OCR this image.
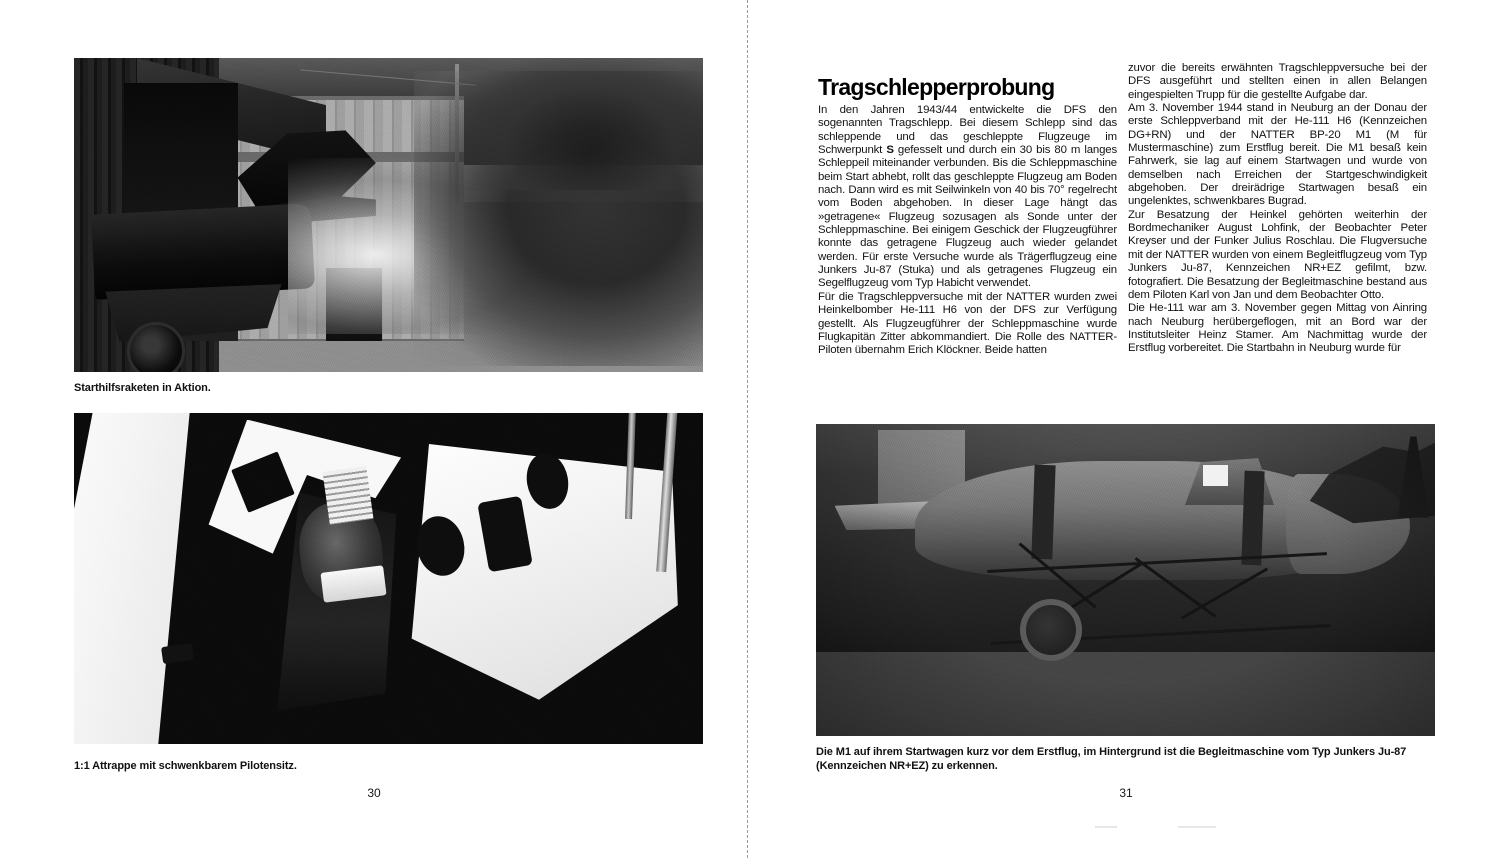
Starthilfsraketen in Aktion.
1:1 Attrappe mit schwenkbarem Pilotensitz.
30
Tragschlepperprobung

In den Jahren 1943/44 entwickelte die DFS den sogenannten Tragschlepp. Bei diesem Schlepp sind das schleppende und das geschleppte Flugzeuge im Schwerpunkt S gefesselt und durch ein 30 bis 80 m langes Schleppeil miteinander verbunden. Bis die Schleppmaschine beim Start abhebt, rollt das geschleppte Flugzeug am Boden nach. Dann wird es mit Seilwinkeln von 40 bis 70° regelrecht vom Boden abgehoben. In dieser Lage hängt das »getragene« Flugzeug sozusagen als Sonde unter der Schleppmaschine. Bei einigem Geschick der Flugzeugführer konnte das getragene Flugzeug auch wieder gelandet werden. Für erste Versuche wurde als Trägerflugzeug eine Junkers Ju-87 (Stuka) und als getragenes Flugzeug ein Segelflugzeug vom Typ Habicht verwendet.

Für die Tragschleppversuche mit der NATTER wurden zwei Heinkelbomber He-111 H6 von der DFS zur Verfügung gestellt. Als Flugzeugführer der Schleppmaschine wurde Flugkapitän Zitter abkommandiert. Die Rolle des NATTER-Piloten übernahm Erich Klöckner. Beide hatten

zuvor die bereits erwähnten Tragschleppversuche bei der DFS ausgeführt und stellten einen in allen Belangen eingespielten Trupp für die gestellte Aufgabe dar.

Am 3. November 1944 stand in Neuburg an der Donau der erste Schleppverband mit der He-111 H6 (Kennzeichen DG+RN) und der NATTER BP-20 M1 (M für Mustermaschine) zum Erstflug bereit. Die M1 besaß kein Fahrwerk, sie lag auf einem Startwagen und wurde von demselben nach Erreichen der Startgeschwindigkeit abgehoben. Der dreirädrige Startwagen besaß ein ungelenktes, schwenkbares Bugrad.

Zur Besatzung der Heinkel gehörten weiterhin der Bordmechaniker August Lohfink, der Beobachter Peter Kreyser und der Funker Julius Roschlau. Die Flugversuche mit der NATTER wurden von einem Begleitflugzeug vom Typ Junkers Ju-87, Kennzeichen NR+EZ gefilmt, bzw. fotografiert. Die Besatzung der Begleitmaschine bestand aus dem Piloten Karl von Jan und dem Beobachter Otto.

Die He-111 war am 3. November gegen Mittag von Ainring nach Neuburg herübergeflogen, mit an Bord war der Institutsleiter Heinz Stamer. Am Nachmittag wurde der Erstflug vorbereitet. Die Startbahn in Neuburg wurde für

Die M1 auf ihrem Startwagen kurz vor dem Erstflug, im Hintergrund ist die Begleitmaschine vom Typ Junkers Ju-87 (Kennzeichen NR+EZ) zu erkennen.
31
